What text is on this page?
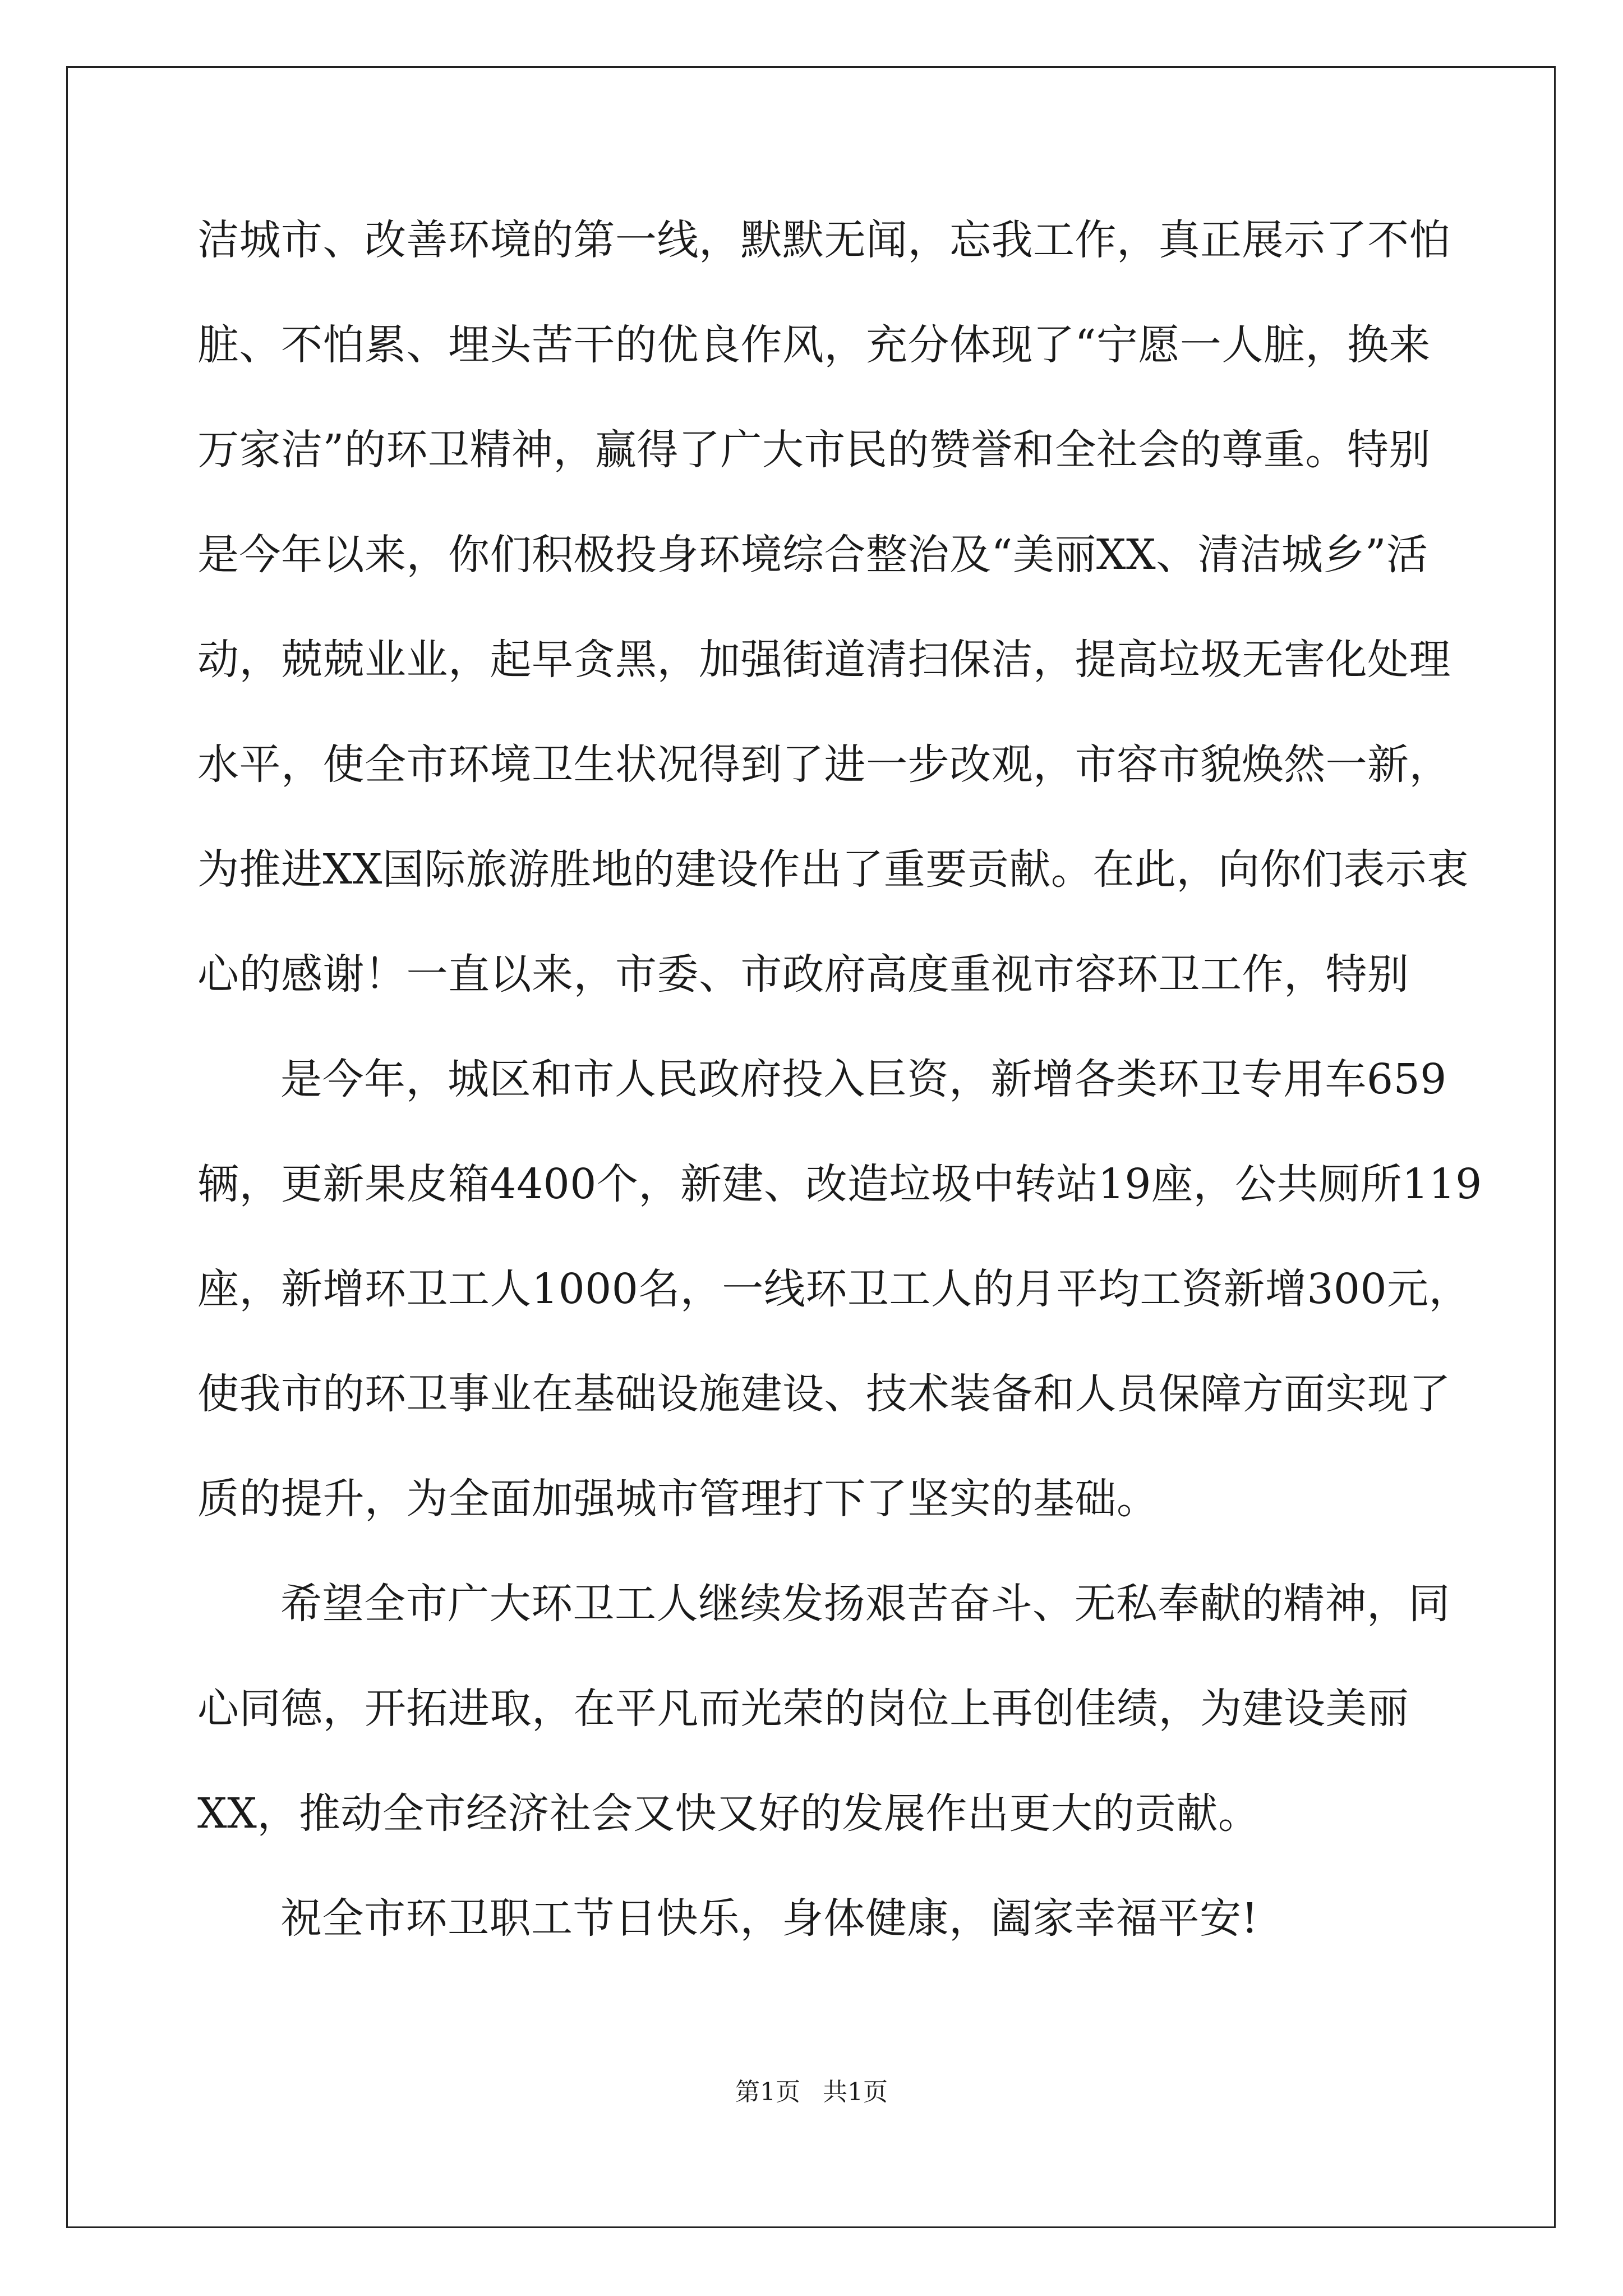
洁城市、改善环境的第一线，默默无闻，忘我工作，真正展示了不怕
脏、不怕累、埋头苦干的优良作风，充分体现了“宁愿一人脏，换来
万家洁”的环卫精神，赢得了广大市民的赞誉和全社会的尊重。特别
是今年以来，你们积极投身环境综合整治及“美丽XX、清洁城乡”活
动，兢兢业业，起早贪黑，加强街道清扫保洁，提高垃圾无害化处理
水平，使全市环境卫生状况得到了进一步改观，市容市貌焕然一新，
为推进XX国际旅游胜地的建设作出了重要贡献。在此，向你们表示衷
心的感谢！一直以来，市委、市政府高度重视市容环卫工作，特别
是今年，城区和市人民政府投入巨资，新增各类环卫专用车659
辆，更新果皮箱4400个，新建、改造垃圾中转站19座，公共厕所119
座，新增环卫工人1000名，一线环卫工人的月平均工资新增300元，
使我市的环卫事业在基础设施建设、技术装备和人员保障方面实现了
质的提升，为全面加强城市管理打下了坚实的基础。
希望全市广大环卫工人继续发扬艰苦奋斗、无私奉献的精神，同
心同德，开拓进取，在平凡而光荣的岗位上再创佳绩，为建设美丽
XX，推动全市经济社会又快又好的发展作出更大的贡献。
祝全市环卫职工节日快乐，身体健康，阖家幸福平安!
第1页 共1页
